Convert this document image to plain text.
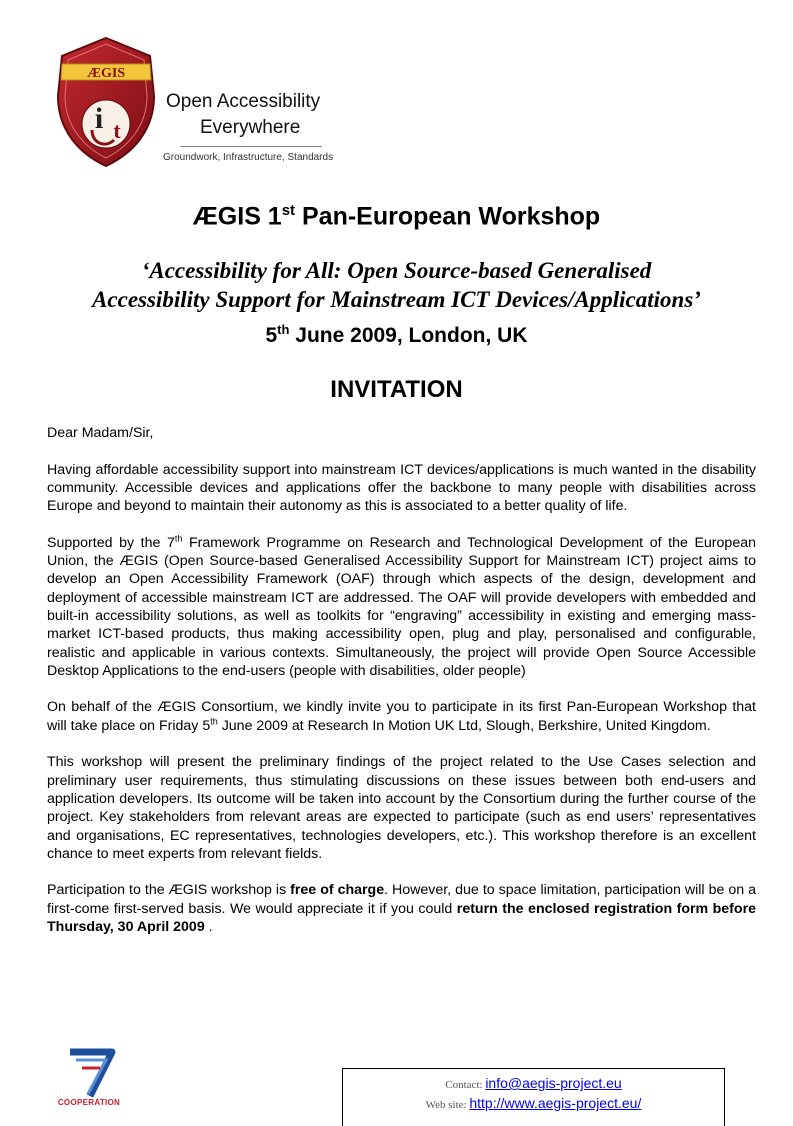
ÆGIS
i t
Open Accessibility
Everywhere
Groundwork, Infrastructure, Standards
ÆGIS 1st Pan-European Workshop
‘Accessibility for All: Open Source-based Generalised
Accessibility Support for Mainstream ICT Devices/Applications’
5th June 2009, London, UK
INVITATION

Dear Madam/Sir,

Having affordable accessibility support into mainstream ICT devices/applications is much wanted in the disability community. Accessible devices and applications offer the backbone to many people with disabilities across Europe and beyond to maintain their autonomy as this is associated to a better quality of life.

Supported by the 7th Framework Programme on Research and Technological Development of the European Union, the ÆGIS (Open Source-based Generalised Accessibility Support for Mainstream ICT) project aims to develop an Open Accessibility Framework (OAF) through which aspects of the design, development and deployment of accessible mainstream ICT are addressed. The OAF will provide developers with embedded and built-in accessibility solutions, as well as toolkits for “engraving” accessibility in existing and emerging mass-market ICT-based products, thus making accessibility open, plug and play, personalised and configurable, realistic and applicable in various contexts. Simultaneously, the project will provide Open Source Accessible Desktop Applications to the end-users (people with disabilities, older people)

On behalf of the ÆGIS Consortium, we kindly invite you to participate in its first Pan-European Workshop that will take place on Friday 5th June 2009 at Research In Motion UK Ltd, Slough, Berkshire, United Kingdom.

This workshop will present the preliminary findings of the project related to the Use Cases selection and preliminary user requirements, thus stimulating discussions on these issues between both end-users and application developers. Its outcome will be taken into account by the Consortium during the further course of the project. Key stakeholders from relevant areas are expected to participate (such as end users’ representatives and organisations, EC representatives, technologies developers, etc.). This workshop therefore is an excellent chance to meet experts from relevant fields.

Participation to the ÆGIS workshop is free of charge. However, due to space limitation, participation will be on a first-come first-served basis. We would appreciate it if you could return the enclosed registration form before Thursday, 30 April 2009 .

COOPERATION
Contact: info@aegis-project.eu
Web site: http://www.aegis-project.eu/
